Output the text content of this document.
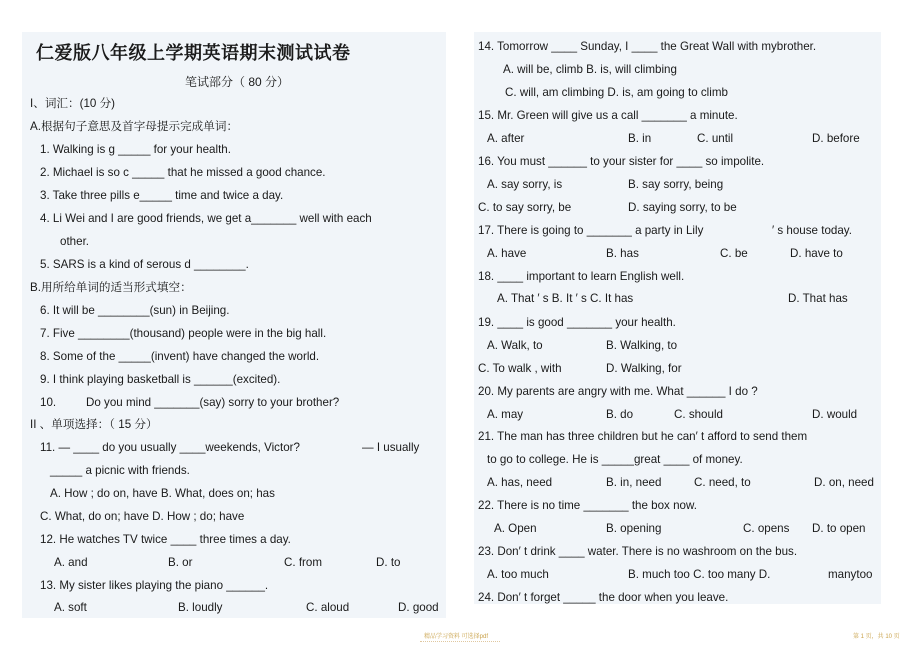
仁爱版八年级上学期英语期末测试试卷
笔试部分（ 80 分）
I、词汇：(10 分)
A.根据句子意思及首字母提示完成单词：
1. Walking is g _____ for your health.
2. Michael is so c _____ that he missed a good chance.
3. Take three pills e_____ time and twice a day.
4. Li Wei and I are good friends, we get a_______ well with each
other.
5. SARS is a kind of serous d ________.
B.用所给单词的适当形式填空：
6. It will be ________(sun) in Beijing.
7. Five ________(thousand) people were in the big hall.
8. Some of the _____(invent) have changed the world.
9. I think playing basketball is ______(excited).
10.	Do you mind _______(say) sorry to your brother?
II 、单项选择：（ 15 分）
11. — ____ do you usually ____weekends, Victor?	— I usually
_____ a picnic with friends.
A. How ; do on, have B. What, does on; has
C. What, do on; have D. How ; do; have
12. He watches TV twice ____ three times a day.
A. and	B. or	C. from	D. to
13. My sister likes playing the piano ______.
A. soft	B. loudly	C. aloud	D. good
14. Tomorrow ____ Sunday, I ____ the Great Wall with mybrother.
A. will be, climb B. is, will climbing
C. will, am climbing D. is, am going to climb
15. Mr. Green will give us a call _______ a minute.
A. after	B. in	C. until	D. before
16. You must ______ to your sister for ____ so impolite.
A. say sorry, is	B. say sorry, being
C. to say sorry, be	D. saying sorry, to be
17. There is going to _______ a party in Lily	′ s house today.
A. have	B. has	C. be	D. have to
18. ____ important to learn English well.
A. That ′ s B. It ′ s C. It has	D. That has
19. ____ is good _______ your health.
A. Walk, to	B. Walking, to
C. To walk , with	D. Walking, for
20. My parents are angry with me. What ______ I do ?
A. may	B. do	C. should	D. would
21. The man has three children but he can′ t afford to send them
to go to college. He is _____great ____ of money.
A. has, need	B. in, need	C. need, to	D. on, need
22. There is no time _______ the box now.
A. Open	B. opening	C. opens D. to open
23. Don′ t drink ____ water. There is no washroom on the bus.
A. too much	B. much too C. too many D.	manytoo
24. Don′ t forget _____ the door when you leave.
精品学习资料 可选择pdf	第 1 页，共 10 页
